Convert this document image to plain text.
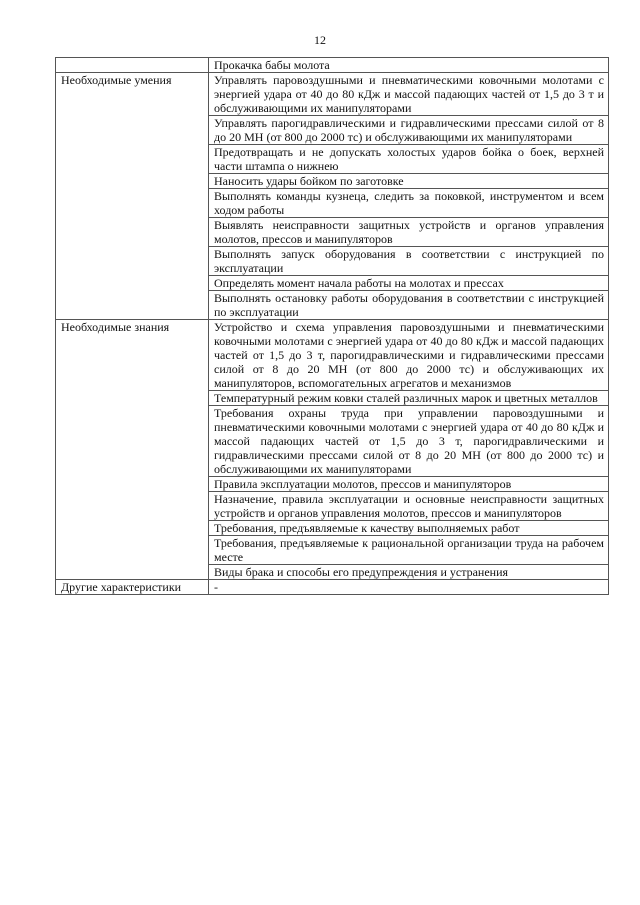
12

	Прокачка бабы молота

Необходимые умения	Управлять паровоздушными и пневматическими ковочными молотами с энергией удара от 40 до 80 кДж и массой падающих частей от 1,5 до 3 т и обслуживающими их манипуляторами

	Управлять парогидравлическими и гидравлическими прессами силой от 8 до 20 МН (от 800 до 2000 тс) и обслуживающими их манипуляторами

	Предотвращать и не допускать холостых ударов бойка о боек, верхней части штампа о нижнею

	Наносить удары бойком по заготовке

	Выполнять команды кузнеца, следить за поковкой, инструментом и всем ходом работы

	Выявлять неисправности защитных устройств и органов управления молотов, прессов и манипуляторов

	Выполнять запуск оборудования в соответствии с инструкцией по эксплуатации

	Определять момент начала работы на молотах и прессах

	Выполнять остановку работы оборудования в соответствии с инструкцией по эксплуатации

Необходимые знания	Устройство и схема управления паровоздушными и пневматическими ковочными молотами с энергией удара от 40 до 80 кДж и массой падающих частей от 1,5 до 3 т, парогидравлическими и гидравлическими прессами силой от 8 до 20 МН (от 800 до 2000 тс) и обслуживающих их манипуляторов, вспомогательных агрегатов и механизмов

	Температурный режим ковки сталей различных марок и цветных металлов

	Требования охраны труда при управлении паровоздушными и пневматическими ковочными молотами с энергией удара от 40 до 80 кДж и массой падающих частей от 1,5 до 3 т, парогидравлическими и гидравлическими прессами силой от 8 до 20 МН (от 800 до 2000 тс) и обслуживающими их манипуляторами

	Правила эксплуатации молотов, прессов и манипуляторов

	Назначение, правила эксплуатации и основные неисправности защитных устройств и органов управления молотов, прессов и манипуляторов

	Требования, предъявляемые к качеству выполняемых работ

	Требования, предъявляемые к рациональной организации труда на рабочем месте

	Виды брака и способы его предупреждения и устранения

Другие характеристики	-
